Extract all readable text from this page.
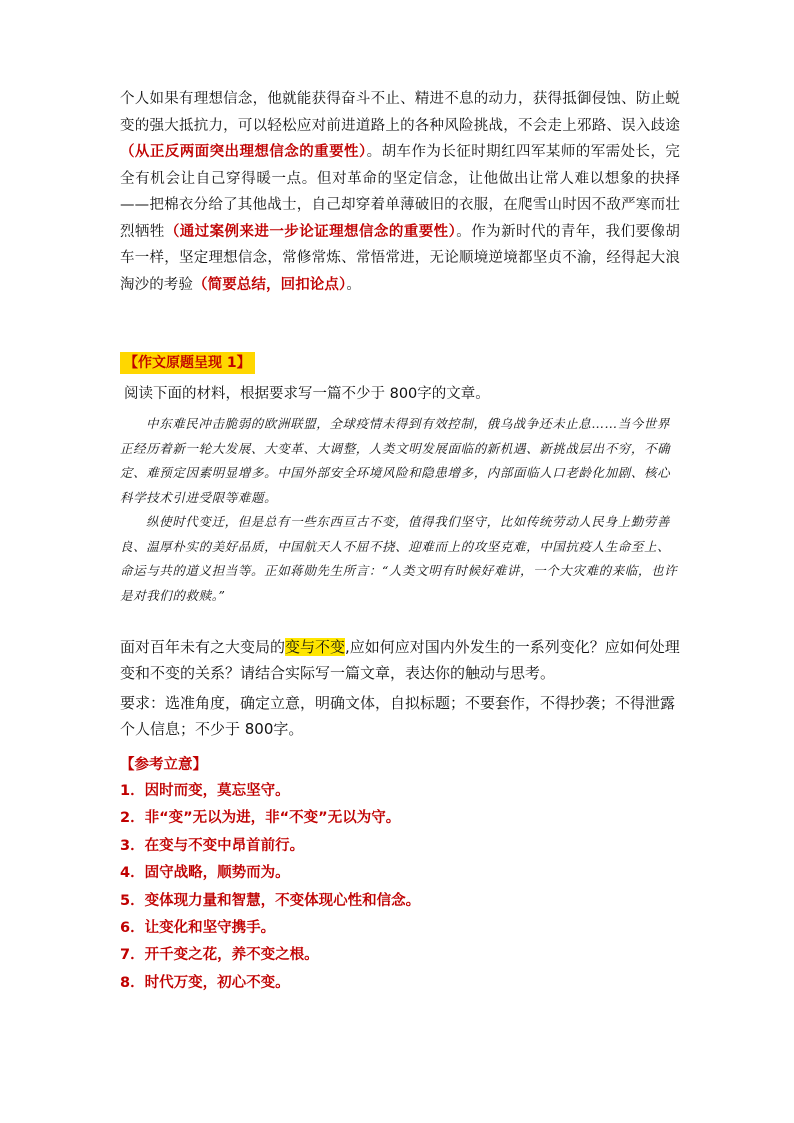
个人如果有理想信念，他就能获得奋斗不止、精进不息的动力，获得抵御侵蚀、防止蜕变的强大抵抗力，可以轻松应对前进道路上的各种风险挑战，不会走上邪路、误入歧途（从正反两面突出理想信念的重要性）。胡车作为长征时期红四军某师的军需处长，完全有机会让自己穿得暖一点。但对革命的坚定信念，让他做出让常人难以想象的抉择——把棉衣分给了其他战士，自己却穿着单薄破旧的衣服，在爬雪山时因不敌严寒而壮烈牺牲（通过案例来进一步论证理想信念的重要性）。作为新时代的青年，我们要像胡车一样，坚定理想信念，常修常炼、常悟常进，无论顺境逆境都坚贞不渝，经得起大浪淘沙的考验（简要总结，回扣论点）。
【作文原题呈现 1】
阅读下面的材料，根据要求写一篇不少于 800字的文章。

中东难民冲击脆弱的欧洲联盟，全球疫情未得到有效控制，俄乌战争还未止息……当今世界正经历着新一轮大发展、大变革、大调整，人类文明发展面临的新机遇、新挑战层出不穷，不确定、难预定因素明显增多。中国外部安全环境风险和隐患增多，内部面临人口老龄化加剧、核心科学技术引进受限等难题。

纵使时代变迁，但是总有一些东西亘古不变，值得我们坚守，比如传统劳动人民身上勤劳善良、温厚朴实的美好品质，中国航天人不屈不挠、迎难而上的攻坚克难，中国抗疫人生命至上、命运与共的道义担当等。正如蒋勋先生所言：“人类文明有时候好难讲，一个大灾难的来临，也许是对我们的救赎。”

面对百年未有之大变局的变与不变,应如何应对国内外发生的一系列变化？应如何处理变和不变的关系？请结合实际写一篇文章，表达你的触动与思考。
要求：选准角度，确定立意，明确文体，自拟标题；不要套作，不得抄袭；不得泄露个人信息；不少于 800字。
【参考立意】
1．因时而变，莫忘坚守。
2．非“变”无以为进，非“不变”无以为守。
3．在变与不变中昂首前行。
4．固守战略，顺势而为。
5．变体现力量和智慧，不变体现心性和信念。
6．让变化和坚守携手。
7．开千变之花，养不变之根。
8．时代万变，初心不变。
